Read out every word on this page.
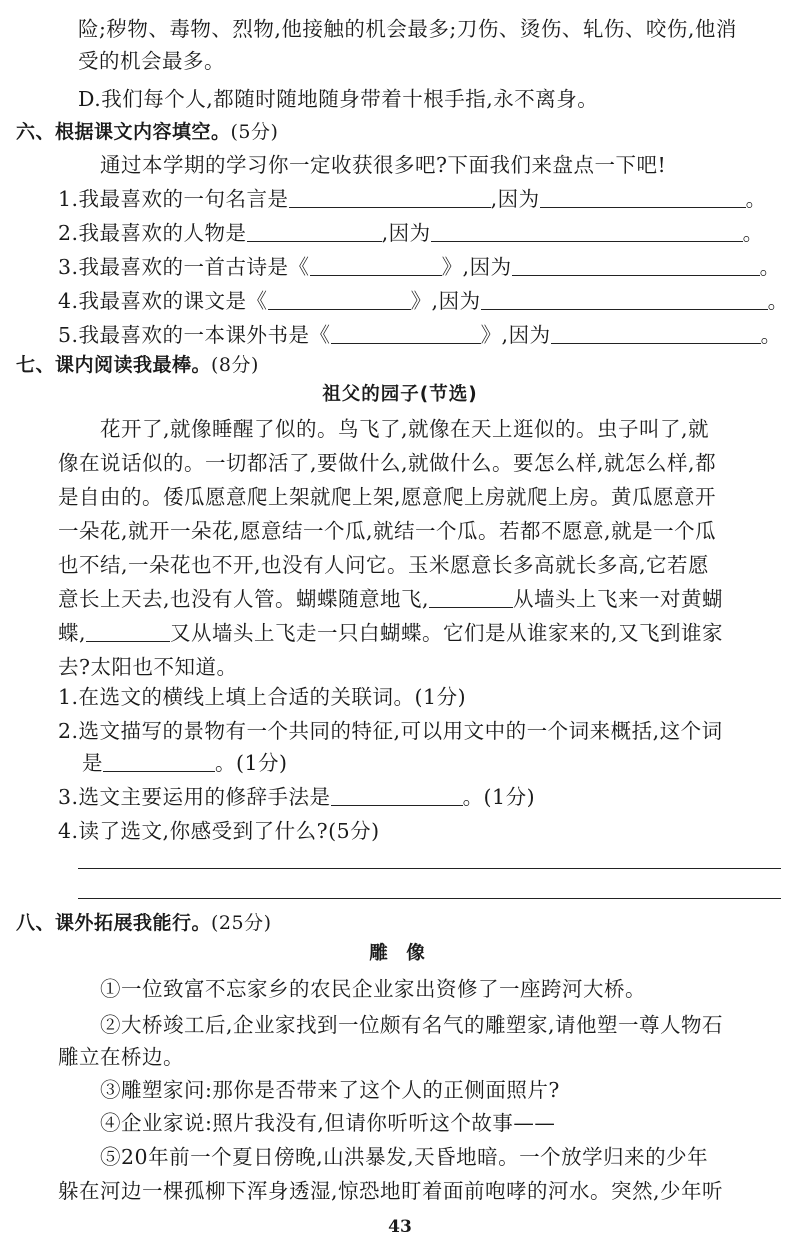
险;秽物、毒物、烈物,他接触的机会最多;刀伤、烫伤、轧伤、咬伤,他消
受的机会最多。
D.我们每个人,都随时随地随身带着十根手指,永不离身。
六、根据课文内容填空。(5分)
通过本学期的学习你一定收获很多吧?下面我们来盘点一下吧!
1.我最喜欢的一句名言是	,因为	。
2.我最喜欢的人物是	,因为	。
3.我最喜欢的一首古诗是《	》,因为	。
4.我最喜欢的课文是《	》,因为	。
5.我最喜欢的一本课外书是《	》,因为	。
七、课内阅读我最棒。(8分)
祖父的园子(节选)
花开了,就像睡醒了似的。鸟飞了,就像在天上逛似的。虫子叫了,就
像在说话似的。一切都活了,要做什么,就做什么。要怎么样,就怎么样,都
是自由的。倭瓜愿意爬上架就爬上架,愿意爬上房就爬上房。黄瓜愿意开
一朵花,就开一朵花,愿意结一个瓜,就结一个瓜。若都不愿意,就是一个瓜
也不结,一朵花也不开,也没有人问它。玉米愿意长多高就长多高,它若愿
意长上天去,也没有人管。蝴蝶随意地飞,	从墙头上飞来一对黄蝴
蝶,	又从墙头上飞走一只白蝴蝶。它们是从谁家来的,又飞到谁家
去?太阳也不知道。
1.在选文的横线上填上合适的关联词。(1分)
2.选文描写的景物有一个共同的特征,可以用文中的一个词来概括,这个词
是	。(1分)
3.选文主要运用的修辞手法是	。(1分)
4.读了选文,你感受到了什么?(5分)
八、课外拓展我能行。(25分)
雕 像
①一位致富不忘家乡的农民企业家出资修了一座跨河大桥。
②大桥竣工后,企业家找到一位颇有名气的雕塑家,请他塑一尊人物石
雕立在桥边。
③雕塑家问:那你是否带来了这个人的正侧面照片?
④企业家说:照片我没有,但请你听听这个故事——
⑤20年前一个夏日傍晚,山洪暴发,天昏地暗。一个放学归来的少年
躲在河边一棵孤柳下浑身透湿,惊恐地盯着面前咆哮的河水。突然,少年听
43
